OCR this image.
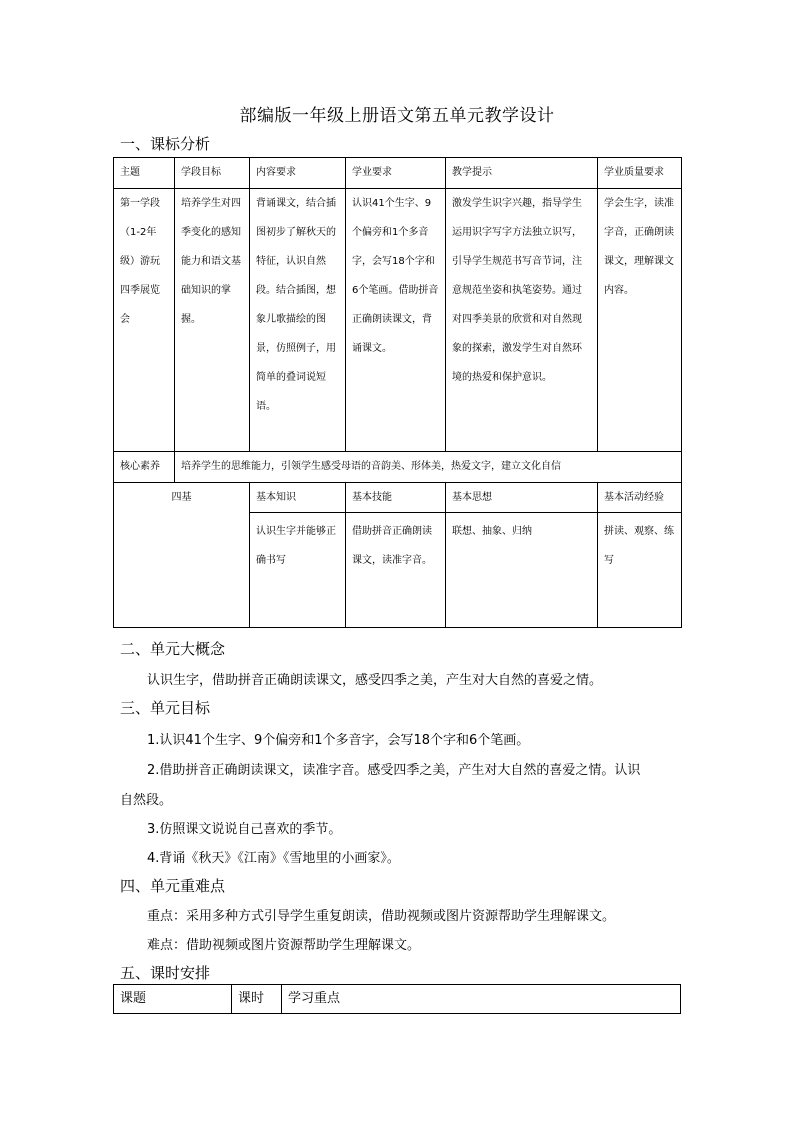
部编版一年级上册语文第五单元教学设计
一、课标分析
主题	学段目标	内容要求	学业要求	教学提示	学业质量要求
第一学段（1-2年级）游玩四季展览会	培养学生对四季变化的感知能力和语文基础知识的掌握。	背诵课文，结合插图初步了解秋天的特征，认识自然段。结合插图，想象儿歌描绘的图景，仿照例子，用简单的叠词说短语。	认识41个生字、9个偏旁和1个多音字，会写18个字和6个笔画。借助拼音正确朗读课文，背诵课文。	激发学生识字兴趣，指导学生运用识字写字方法独立识写，引导学生规范书写音节词，注意规范坐姿和执笔姿势。通过对四季美景的欣赏和对自然现象的探索，激发学生对自然环境的热爱和保护意识。	学会生字，读准字音，正确朗读课文，理解课文内容。
核心素养	培养学生的思维能力，引领学生感受母语的音韵美、形体美，热爱文字，建立文化自信				
四基		基本知识	基本技能	基本思想	基本活动经验
		认识生字并能够正确书写	借助拼音正确朗读课文，读准字音。	联想、抽象、归纳	拼读、观察、练写
二、单元大概念
认识生字，借助拼音正确朗读课文，感受四季之美，产生对大自然的喜爱之情。
三、单元目标
1.认识41个生字、9个偏旁和1个多音字，会写18个字和6个笔画。
2.借助拼音正确朗读课文，读准字音。感受四季之美，产生对大自然的喜爱之情。认识
自然段。
3.仿照课文说说自己喜欢的季节。
4.背诵《秋天》《江南》《雪地里的小画家》。
四、单元重难点
重点：采用多种方式引导学生重复朗读，借助视频或图片资源帮助学生理解课文。
难点：借助视频或图片资源帮助学生理解课文。
五、课时安排
课题	课时	学习重点
